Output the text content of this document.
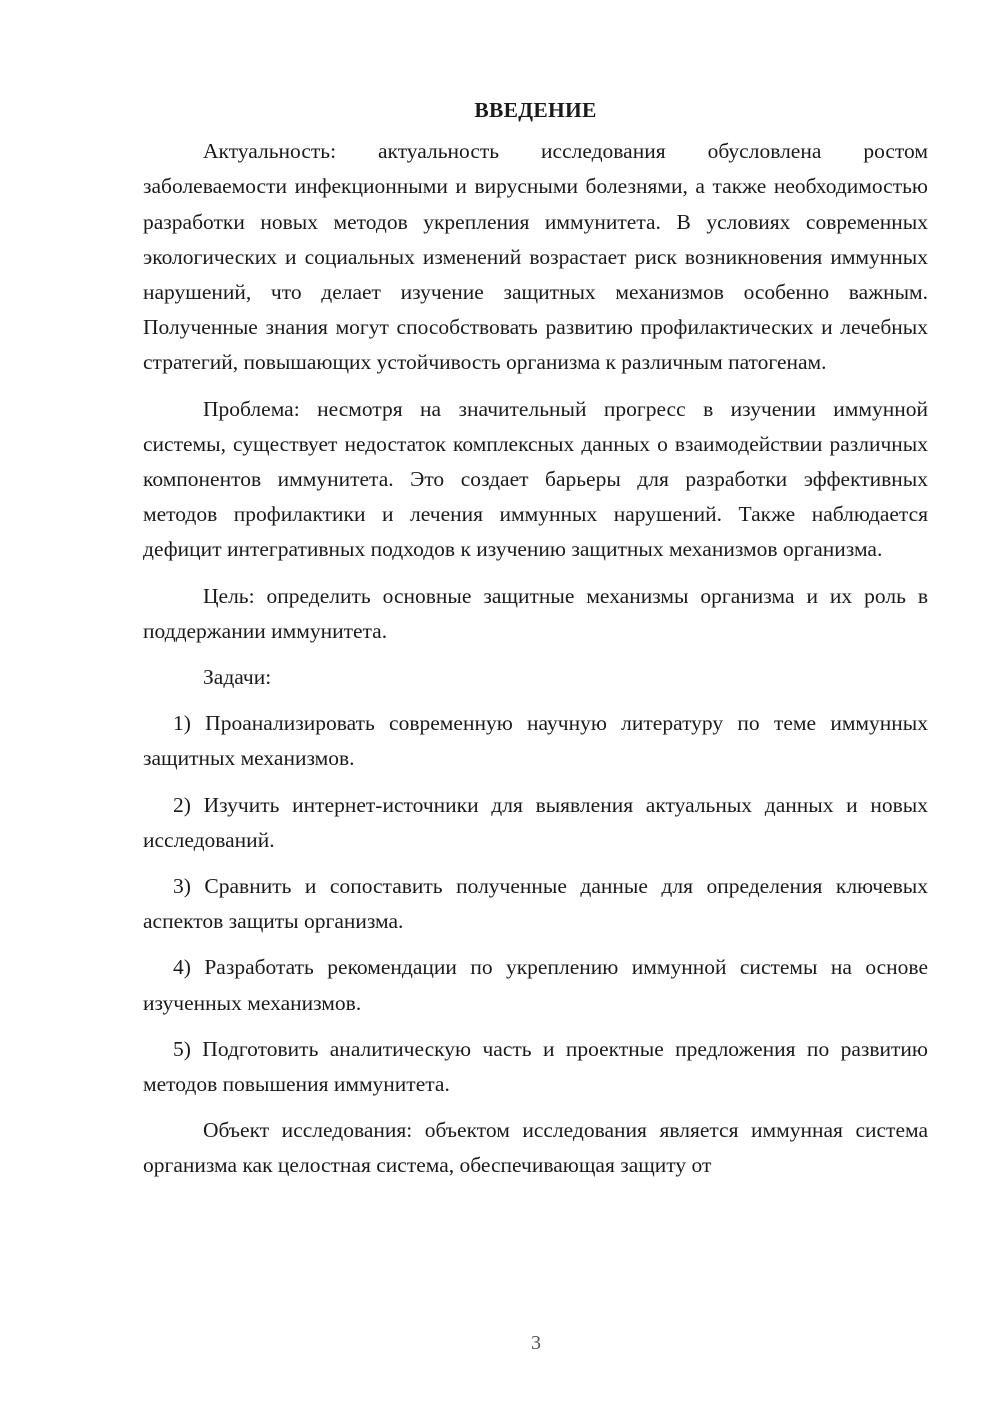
ВВЕДЕНИЕ

Актуальность: актуальность исследования обусловлена ростом заболеваемости инфекционными и вирусными болезнями, а также необходимостью разработки новых методов укрепления иммунитета. В условиях современных экологических и социальных изменений возрастает риск возникновения иммунных нарушений, что делает изучение защитных механизмов особенно важным. Полученные знания могут способствовать развитию профилактических и лечебных стратегий, повышающих устойчивость организма к различным патогенам.

Проблема: несмотря на значительный прогресс в изучении иммунной системы, существует недостаток комплексных данных о взаимодействии различных компонентов иммунитета. Это создает барьеры для разработки эффективных методов профилактики и лечения иммунных нарушений. Также наблюдается дефицит интегративных подходов к изучению защитных механизмов организма.

Цель: определить основные защитные механизмы организма и их роль в поддержании иммунитета.

Задачи:

1) Проанализировать современную научную литературу по теме иммунных защитных механизмов.

2) Изучить интернет-источники для выявления актуальных данных и новых исследований.

3) Сравнить и сопоставить полученные данные для определения ключевых аспектов защиты организма.

4) Разработать рекомендации по укреплению иммунной системы на основе изученных механизмов.

5) Подготовить аналитическую часть и проектные предложения по развитию методов повышения иммунитета.

Объект исследования: объектом исследования является иммунная система организма как целостная система, обеспечивающая защиту от

3
